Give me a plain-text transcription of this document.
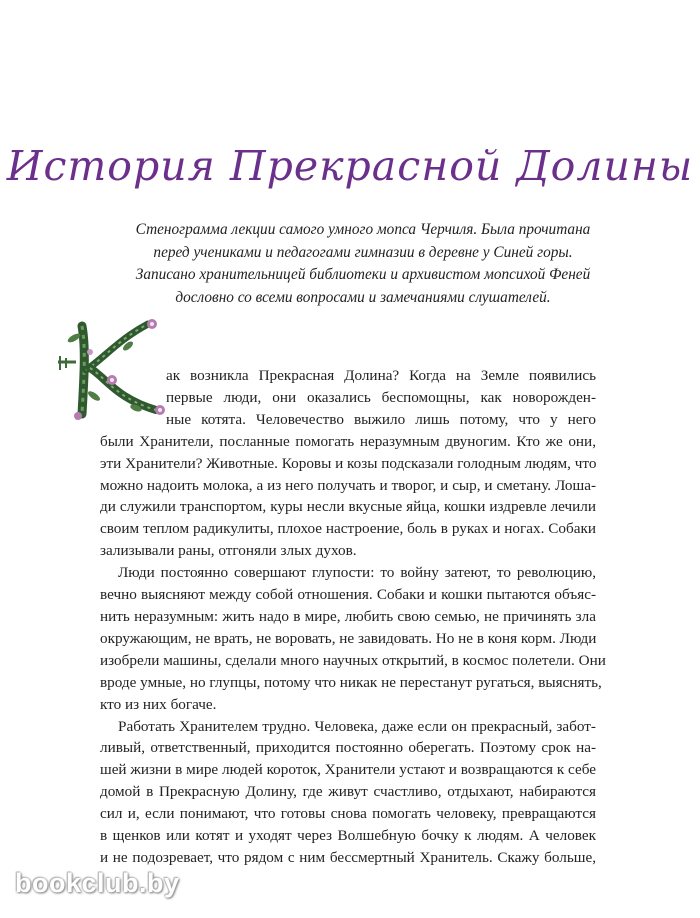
История Прекрасной Долины
Стенограмма лекции самого умного мопса Черчиля. Была прочитана
перед учениками и педагогами гимназии в деревне у Синей горы.
Записано хранительницей библиотеки и архивистом мопсихой Феней
дословно со всеми вопросами и замечаниями слушателей.
ак возникла Прекрасная Долина? Когда на Земле появились
первые люди, они оказались беспомощны, как новорожден-
ные котята. Человечество выжило лишь потому, что у него
были Хранители, посланные помогать неразумным двуногим. Кто же они,
эти Хранители? Животные. Коровы и козы подсказали голодным людям, что
можно надоить молока, а из него получать и творог, и сыр, и сметану. Лоша-
ди служили транспортом, куры несли вкусные яйца, кошки издревле лечили
своим теплом радикулиты, плохое настроение, боль в руках и ногах. Собаки
зализывали раны, отгоняли злых духов.
Люди постоянно совершают глупости: то войну затеют, то революцию,
вечно выясняют между собой отношения. Собаки и кошки пытаются объяс-
нить неразумным: жить надо в мире, любить свою семью, не причинять зла
окружающим, не врать, не воровать, не завидовать. Но не в коня корм. Люди
изобрели машины, сделали много научных открытий, в космос полетели. Они
вроде умные, но глупцы, потому что никак не перестанут ругаться, выяснять,
кто из них богаче.
Работать Хранителем трудно. Человека, даже если он прекрасный, забот-
ливый, ответственный, приходится постоянно оберегать. Поэтому срок на-
шей жизни в мире людей короток, Хранители устают и возвращаются к себе
домой в Прекрасную Долину, где живут счастливо, отдыхают, набираются
сил и, если понимают, что готовы снова помогать человеку, превращаются
в щенков или котят и уходят через Волшебную бочку к людям. А человек
и не подозревает, что рядом с ним бессмертный Хранитель. Скажу больше,
bookclub.by
